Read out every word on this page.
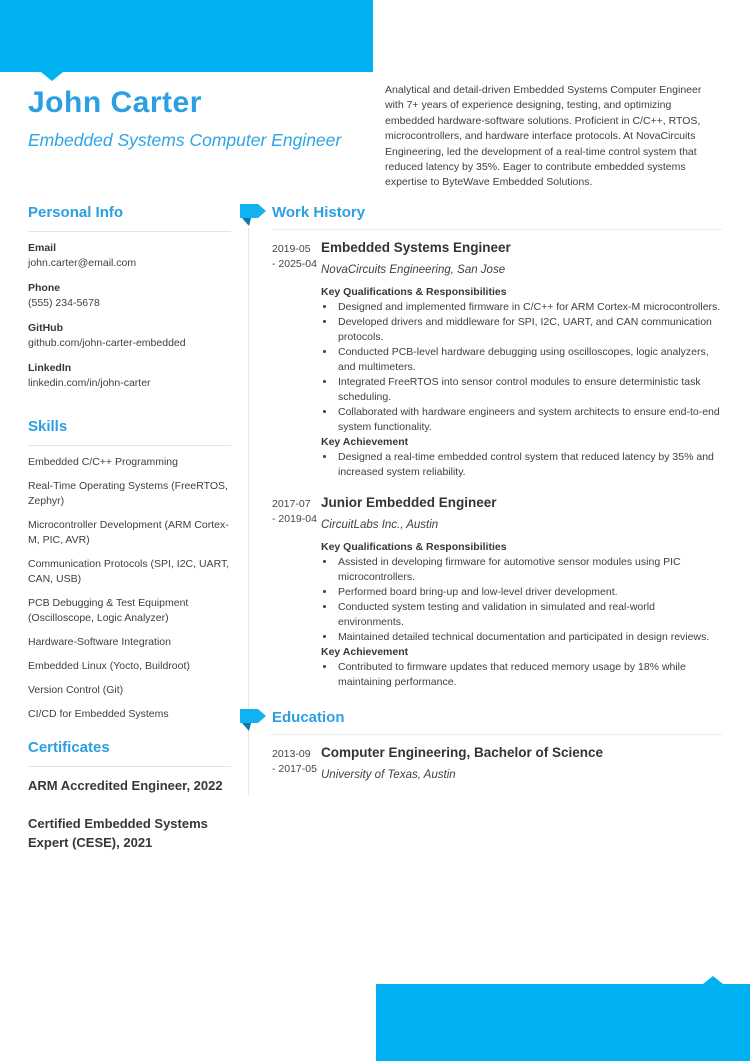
John Carter
Embedded Systems Computer Engineer
Analytical and detail-driven Embedded Systems Computer Engineer with 7+ years of experience designing, testing, and optimizing embedded hardware-software solutions. Proficient in C/C++, RTOS, microcontrollers, and hardware interface protocols. At NovaCircuits Engineering, led the development of a real-time control system that reduced latency by 35%. Eager to contribute embedded systems expertise to ByteWave Embedded Solutions.
Personal Info
Email
john.carter@email.com
Phone
(555) 234-5678
GitHub
github.com/john-carter-embedded
LinkedIn
linkedin.com/in/john-carter
Skills
Embedded C/C++ Programming
Real-Time Operating Systems (FreeRTOS, Zephyr)
Microcontroller Development (ARM Cortex-M, PIC, AVR)
Communication Protocols (SPI, I2C, UART, CAN, USB)
PCB Debugging & Test Equipment (Oscilloscope, Logic Analyzer)
Hardware-Software Integration
Embedded Linux (Yocto, Buildroot)
Version Control (Git)
CI/CD for Embedded Systems
Certificates
ARM Accredited Engineer, 2022
Certified Embedded Systems Expert (CESE), 2021
Work History
2019-05
- 2025-04
Embedded Systems Engineer
NovaCircuits Engineering, San Jose
Key Qualifications & Responsibilities
• Designed and implemented firmware in C/C++ for ARM Cortex-M microcontrollers.
• Developed drivers and middleware for SPI, I2C, UART, and CAN communication protocols.
• Conducted PCB-level hardware debugging using oscilloscopes, logic analyzers, and multimeters.
• Integrated FreeRTOS into sensor control modules to ensure deterministic task scheduling.
• Collaborated with hardware engineers and system architects to ensure end-to-end system functionality.
Key Achievement
• Designed a real-time embedded control system that reduced latency by 35% and increased system reliability.
2017-07
- 2019-04
Junior Embedded Engineer
CircuitLabs Inc., Austin
Key Qualifications & Responsibilities
• Assisted in developing firmware for automotive sensor modules using PIC microcontrollers.
• Performed board bring-up and low-level driver development.
• Conducted system testing and validation in simulated and real-world environments.
• Maintained detailed technical documentation and participated in design reviews.
Key Achievement
• Contributed to firmware updates that reduced memory usage by 18% while maintaining performance.
Education
2013-09
- 2017-05
Computer Engineering, Bachelor of Science
University of Texas, Austin
